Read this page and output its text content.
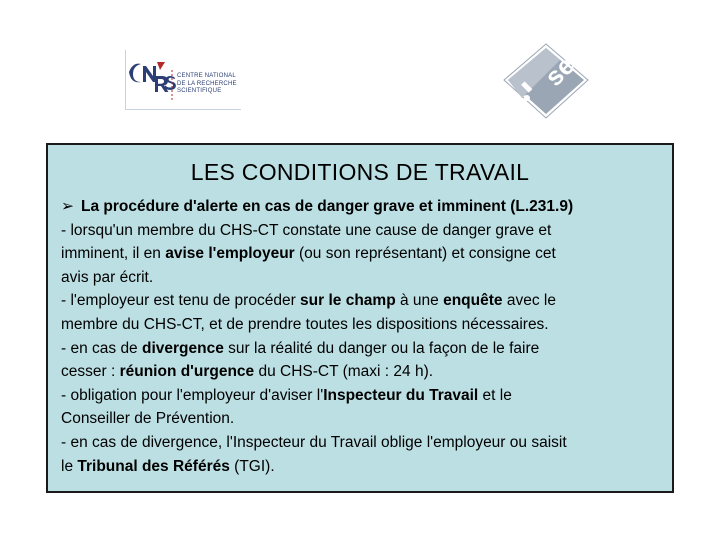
CENTRE NATIONAL
DE LA RECHERCHE
SCIENTIFIQUE	se
LES CONDITIONS DE TRAVAIL
➢ La procédure d'alerte en cas de danger grave et imminent (L.231.9)
- lorsqu'un membre du CHS-CT constate une cause de danger grave et
imminent, il en avise l'employeur (ou son représentant) et consigne cet
avis par écrit.
- l'employeur est tenu de procéder sur le champ à une enquête avec le
membre du CHS-CT, et de prendre toutes les dispositions nécessaires.
- en cas de divergence sur la réalité du danger ou la façon de le faire
cesser : réunion d'urgence du CHS-CT (maxi : 24 h).
- obligation pour l'employeur d'aviser l'Inspecteur du Travail et le
Conseiller de Prévention.
- en cas de divergence, l'Inspecteur du Travail oblige l'employeur ou saisit
le Tribunal des Référés (TGI).
